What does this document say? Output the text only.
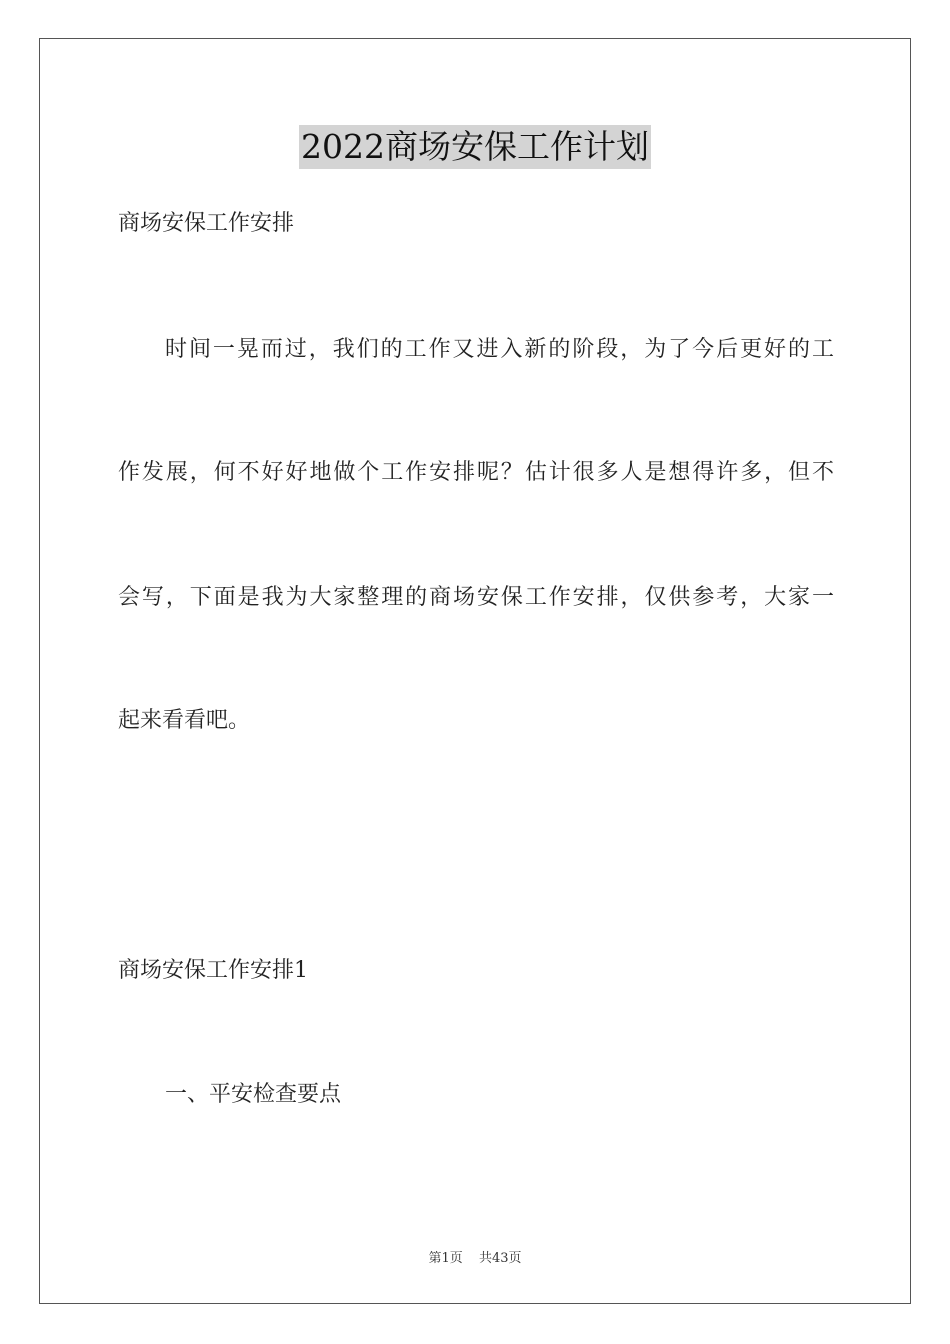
2022商场安保工作计划
商场安保工作安排
时间一晃而过，我们的工作又进入新的阶段，为了今后更好的工
作发展，何不好好地做个工作安排呢？估计很多人是想得许多，但不
会写，下面是我为大家整理的商场安保工作安排，仅供参考，大家一
起来看看吧。
商场安保工作安排1
一、平安检查要点
第1页 共43页
